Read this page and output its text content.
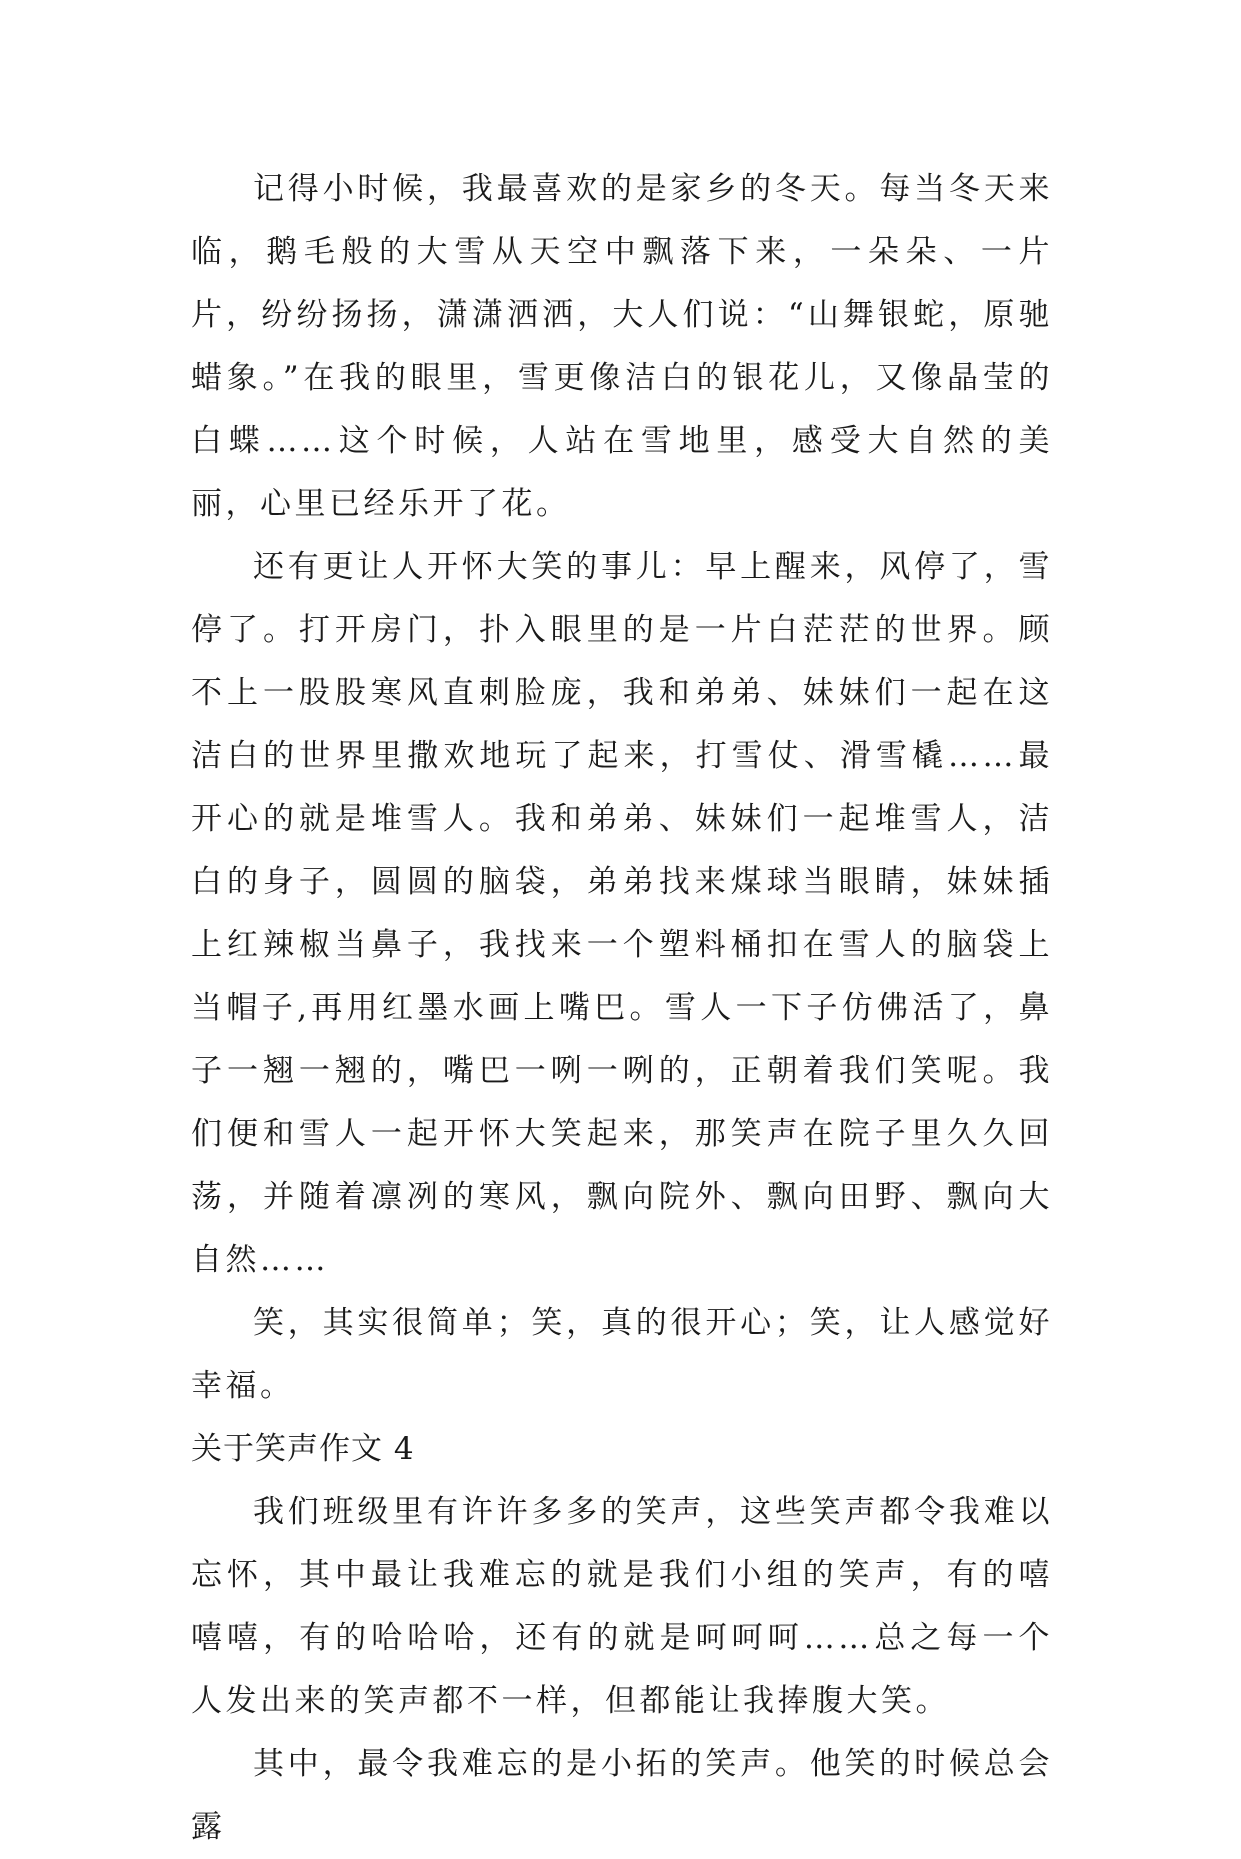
记得小时候，我最喜欢的是家乡的冬天。每当冬天来临，鹅毛般的大雪从天空中飘落下来，一朵朵、一片片，纷纷扬扬，潇潇洒洒，大人们说：“山舞银蛇，原驰蜡象。”在我的眼里，雪更像洁白的银花儿，又像晶莹的白蝶……这个时候，人站在雪地里，感受大自然的美丽，心里已经乐开了花。

还有更让人开怀大笑的事儿：早上醒来，风停了，雪停了。打开房门，扑入眼里的是一片白茫茫的世界。顾不上一股股寒风直刺脸庞，我和弟弟、妹妹们一起在这洁白的世界里撒欢地玩了起来，打雪仗、滑雪橇……最开心的就是堆雪人。我和弟弟、妹妹们一起堆雪人，洁白的身子，圆圆的脑袋，弟弟找来煤球当眼睛，妹妹插上红辣椒当鼻子，我找来一个塑料桶扣在雪人的脑袋上当帽子,再用红墨水画上嘴巴。雪人一下子仿佛活了，鼻子一翘一翘的，嘴巴一咧一咧的，正朝着我们笑呢。我们便和雪人一起开怀大笑起来，那笑声在院子里久久回荡，并随着凛冽的寒风，飘向院外、飘向田野、飘向大自然……

笑，其实很简单；笑，真的很开心；笑，让人感觉好幸福。

关于笑声作文 4

我们班级里有许许多多的笑声，这些笑声都令我难以忘怀，其中最让我难忘的就是我们小组的笑声，有的嘻嘻嘻，有的哈哈哈，还有的就是呵呵呵……总之每一个人发出来的笑声都不一样，但都能让我捧腹大笑。

其中，最令我难忘的是小拓的笑声。他笑的时候总会露
